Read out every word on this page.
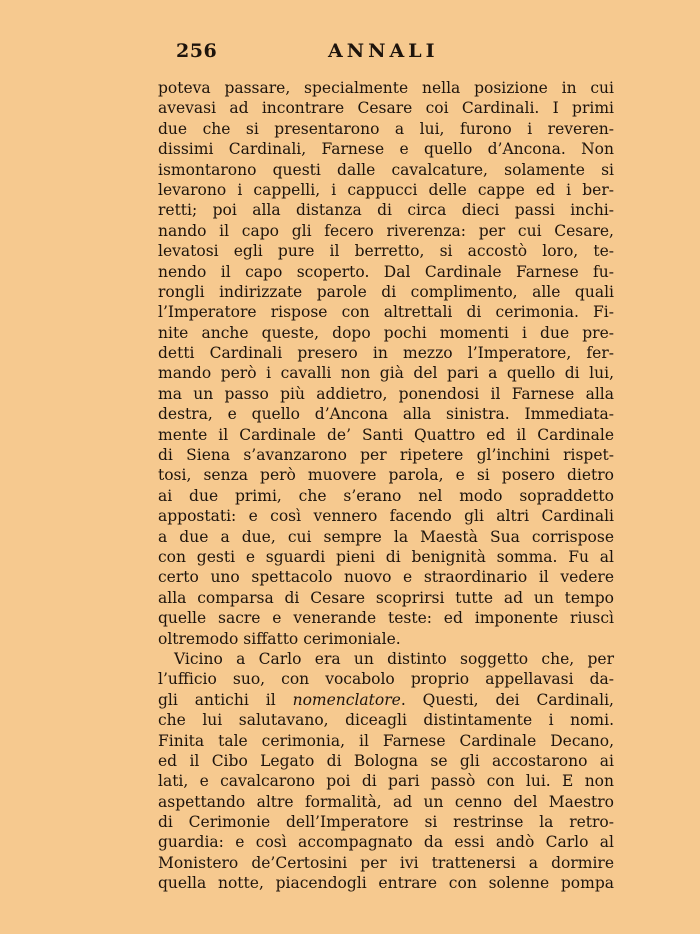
256	ANNALI
poteva passare, specialmente nella posizione in cui
avevasi ad incontrare Cesare coi Cardinali. I primi
due che si presentarono a lui, furono i reveren-
dissimi Cardinali, Farnese e quello d’Ancona. Non
ismontarono questi dalle cavalcature, solamente si
levarono i cappelli, i cappucci delle cappe ed i ber-
retti; poi alla distanza di circa dieci passi inchi-
nando il capo gli fecero riverenza: per cui Cesare,
levatosi egli pure il berretto, si accostò loro, te-
nendo il capo scoperto. Dal Cardinale Farnese fu-
rongli indirizzate parole di complimento, alle quali
l’Imperatore rispose con altrettali di cerimonia. Fi-
nite anche queste, dopo pochi momenti i due pre-
detti Cardinali presero in mezzo l’Imperatore, fer-
mando però i cavalli non già del pari a quello di lui,
ma un passo più addietro, ponendosi il Farnese alla
destra, e quello d’Ancona alla sinistra. Immediata-
mente il Cardinale de’ Santi Quattro ed il Cardinale
di Siena s’avanzarono per ripetere gl’inchini rispet-
tosi, senza però muovere parola, e si posero dietro
ai due primi, che s’erano nel modo sopraddetto
appostati: e così vennero facendo gli altri Cardinali
a due a due, cui sempre la Maestà Sua corrispose
con gesti e sguardi pieni di benignità somma. Fu al
certo uno spettacolo nuovo e straordinario il vedere
alla comparsa di Cesare scoprirsi tutte ad un tempo
quelle sacre e venerande teste: ed imponente riuscì
oltremodo siffatto cerimoniale.
Vicino a Carlo era un distinto soggetto che, per
l’ufficio suo, con vocabolo proprio appellavasi da-
gli antichi il nomenclatore. Questi, dei Cardinali,
che lui salutavano, diceagli distintamente i nomi.
Finita tale cerimonia, il Farnese Cardinale Decano,
ed il Cibo Legato di Bologna se gli accostarono ai
lati, e cavalcarono poi di pari passò con lui. E non
aspettando altre formalità, ad un cenno del Maestro
di Cerimonie dell’Imperatore si restrinse la retro-
guardia: e così accompagnato da essi andò Carlo al
Monistero de’Certosini per ivi trattenersi a dormire
quella notte, piacendogli entrare con solenne pompa
